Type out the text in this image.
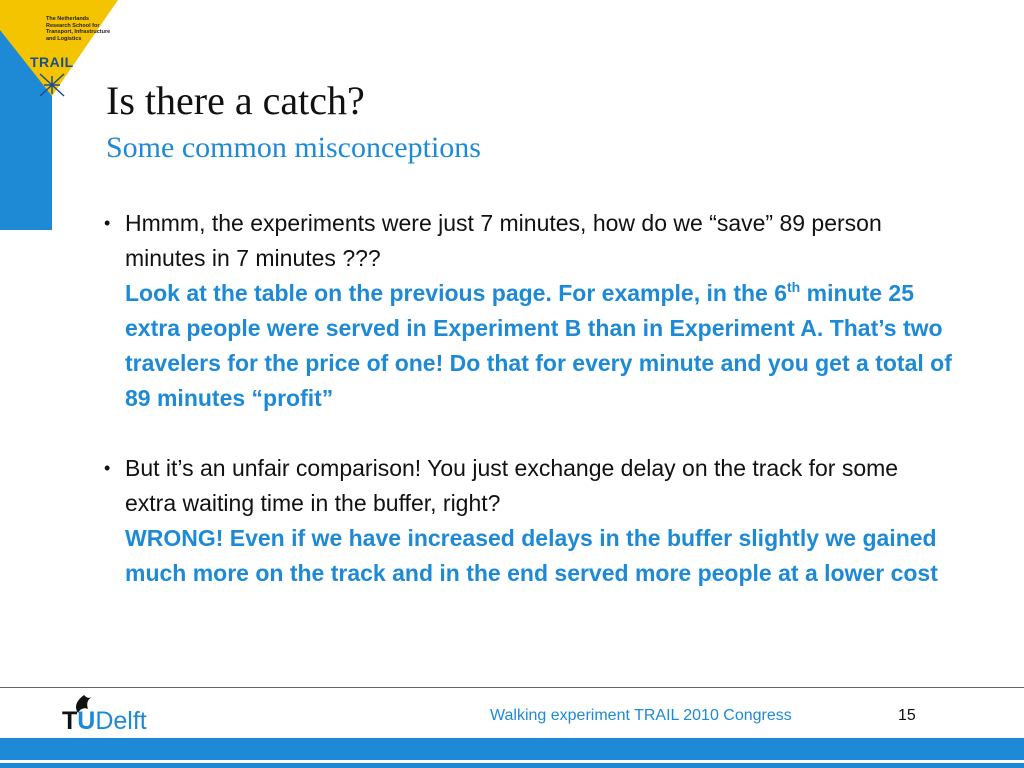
The Netherlands
Research School for
Transport, Infrastructure
and Logistics
TRAIL
Is there a catch?
Some common misconceptions
• Hmmm, the experiments were just 7 minutes, how do we “save” 89 person minutes in 7 minutes ???
Look at the table on the previous page. For example, in the 6th minute 25 extra people were served in Experiment B than in Experiment A. That’s two travelers for the price of one! Do that for every minute and you get a total of 89 minutes “profit”
• But it’s an unfair comparison! You just exchange delay on the track for some extra waiting time in the buffer, right?
WRONG! Even if we have increased delays in the buffer slightly we gained much more on the track and in the end served more people at a lower cost
TUDelft	Walking experiment TRAIL 2010 Congress	15
